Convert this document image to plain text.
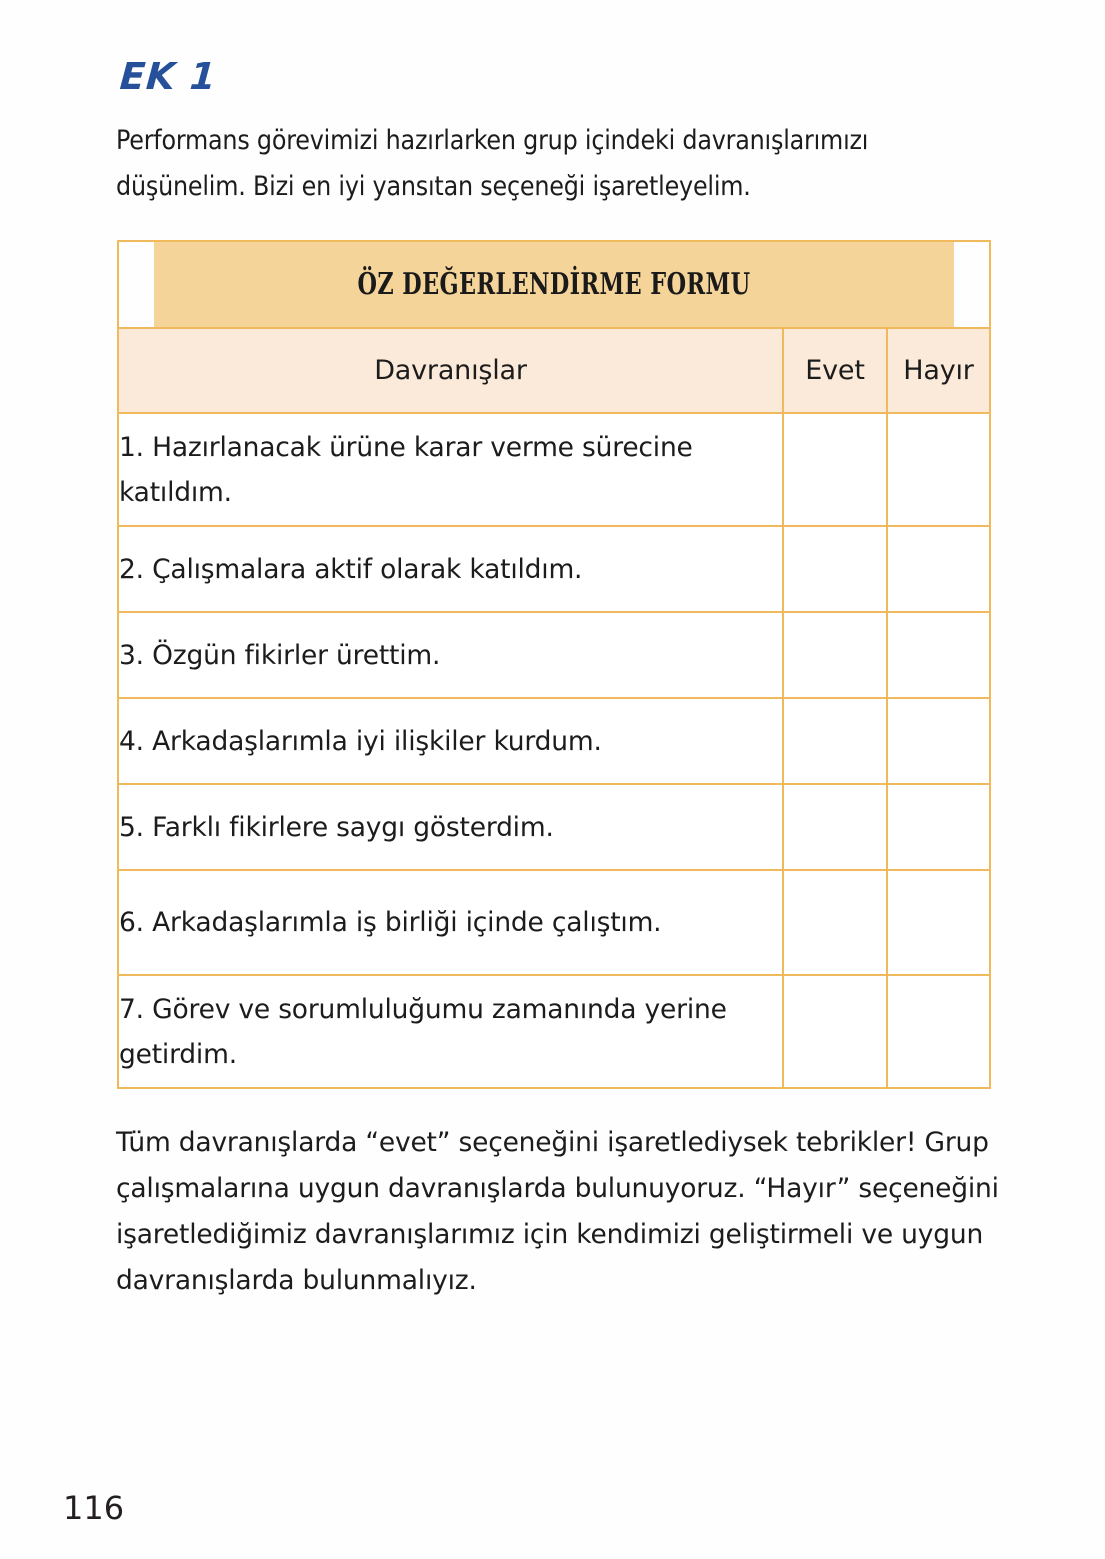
EK 1
Performans görevimizi hazırlarken grup içindeki davranışlarımızı düşünelim. Bizi en iyi yansıtan seçeneği işaretleyelim.
ÖZ DEĞERLENDİRME FORMU		

Davranışlar	Evet	Hayır
1. Hazırlanacak ürüne karar verme sürecine katıldım.		
2. Çalışmalara aktif olarak katıldım.		
3. Özgün fikirler ürettim.		
4. Arkadaşlarımla iyi ilişkiler kurdum.		
5. Farklı fikirlere saygı gösterdim.		
6. Arkadaşlarımla iş birliği içinde çalıştım.		
7. Görev ve sorumluluğumu zamanında yerine getirdim.		
Tüm davranışlarda “evet” seçeneğini işaretlediysek tebrikler! Grup çalışmalarına uygun davranışlarda bulunuyoruz. “Hayır” seçeneğini işaretlediğimiz davranışlarımız için kendimizi geliştirmeli ve uygun davranışlarda bulunmalıyız.
116
